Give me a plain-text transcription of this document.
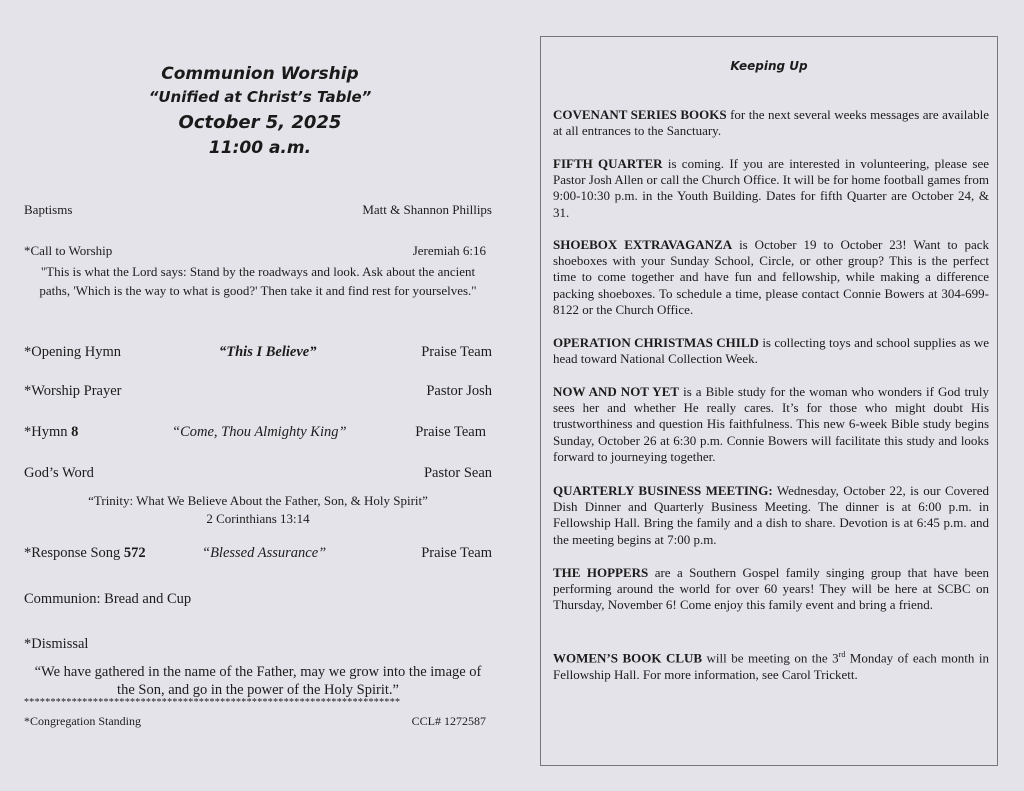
Communion Worship
“Unified at Christ’s Table”
October 5, 2025
11:00 a.m.
Baptisms	Matt & Shannon Phillips
*Call to Worship	Jeremiah 6:16
"This is what the Lord says: Stand by the roadways and look. Ask about the ancient paths, 'Which is the way to what is good?' Then take it and find rest for yourselves."
*Opening Hymn	“This I Believe”	Praise Team
*Worship Prayer	Pastor Josh
*Hymn 8	“Come, Thou Almighty King”	Praise Team
God’s Word	Pastor Sean
“Trinity: What We Believe About the Father, Son, & Holy Spirit”
2 Corinthians 13:14
*Response Song 572	“Blessed Assurance”	Praise Team
Communion: Bread and Cup
*Dismissal
“We have gathered in the name of the Father, may we grow into the image of the Son, and go in the power of the Holy Spirit.”
***********************************************************************
*Congregation Standing	CCL# 1272587
Keeping Up
COVENANT SERIES BOOKS for the next several weeks messages are available at all entrances to the Sanctuary.
FIFTH QUARTER is coming. If you are interested in volunteering, please see Pastor Josh Allen or call the Church Office. It will be for home football games from 9:00-10:30 p.m. in the Youth Building. Dates for fifth Quarter are October 24, & 31.
SHOEBOX EXTRAVAGANZA is October 19 to October 23! Want to pack shoeboxes with your Sunday School, Circle, or other group? This is the perfect time to come together and have fun and fellowship, while making a difference packing shoeboxes. To schedule a time, please contact Connie Bowers at 304-699-8122 or the Church Office.
OPERATION CHRISTMAS CHILD is collecting toys and school supplies as we head toward National Collection Week.
NOW AND NOT YET is a Bible study for the woman who wonders if God truly sees her and whether He really cares. It’s for those who might doubt His trustworthiness and question His faithfulness. This new 6-week Bible study begins Sunday, October 26 at 6:30 p.m. Connie Bowers will facilitate this study and looks forward to journeying together.
QUARTERLY BUSINESS MEETING: Wednesday, October 22, is our Covered Dish Dinner and Quarterly Business Meeting. The dinner is at 6:00 p.m. in Fellowship Hall. Bring the family and a dish to share. Devotion is at 6:45 p.m. and the meeting begins at 7:00 p.m.
THE HOPPERS are a Southern Gospel family singing group that have been performing around the world for over 60 years! They will be here at SCBC on Thursday, November 6! Come enjoy this family event and bring a friend.
WOMEN’S BOOK CLUB will be meeting on the 3rd Monday of each month in Fellowship Hall. For more information, see Carol Trickett.
